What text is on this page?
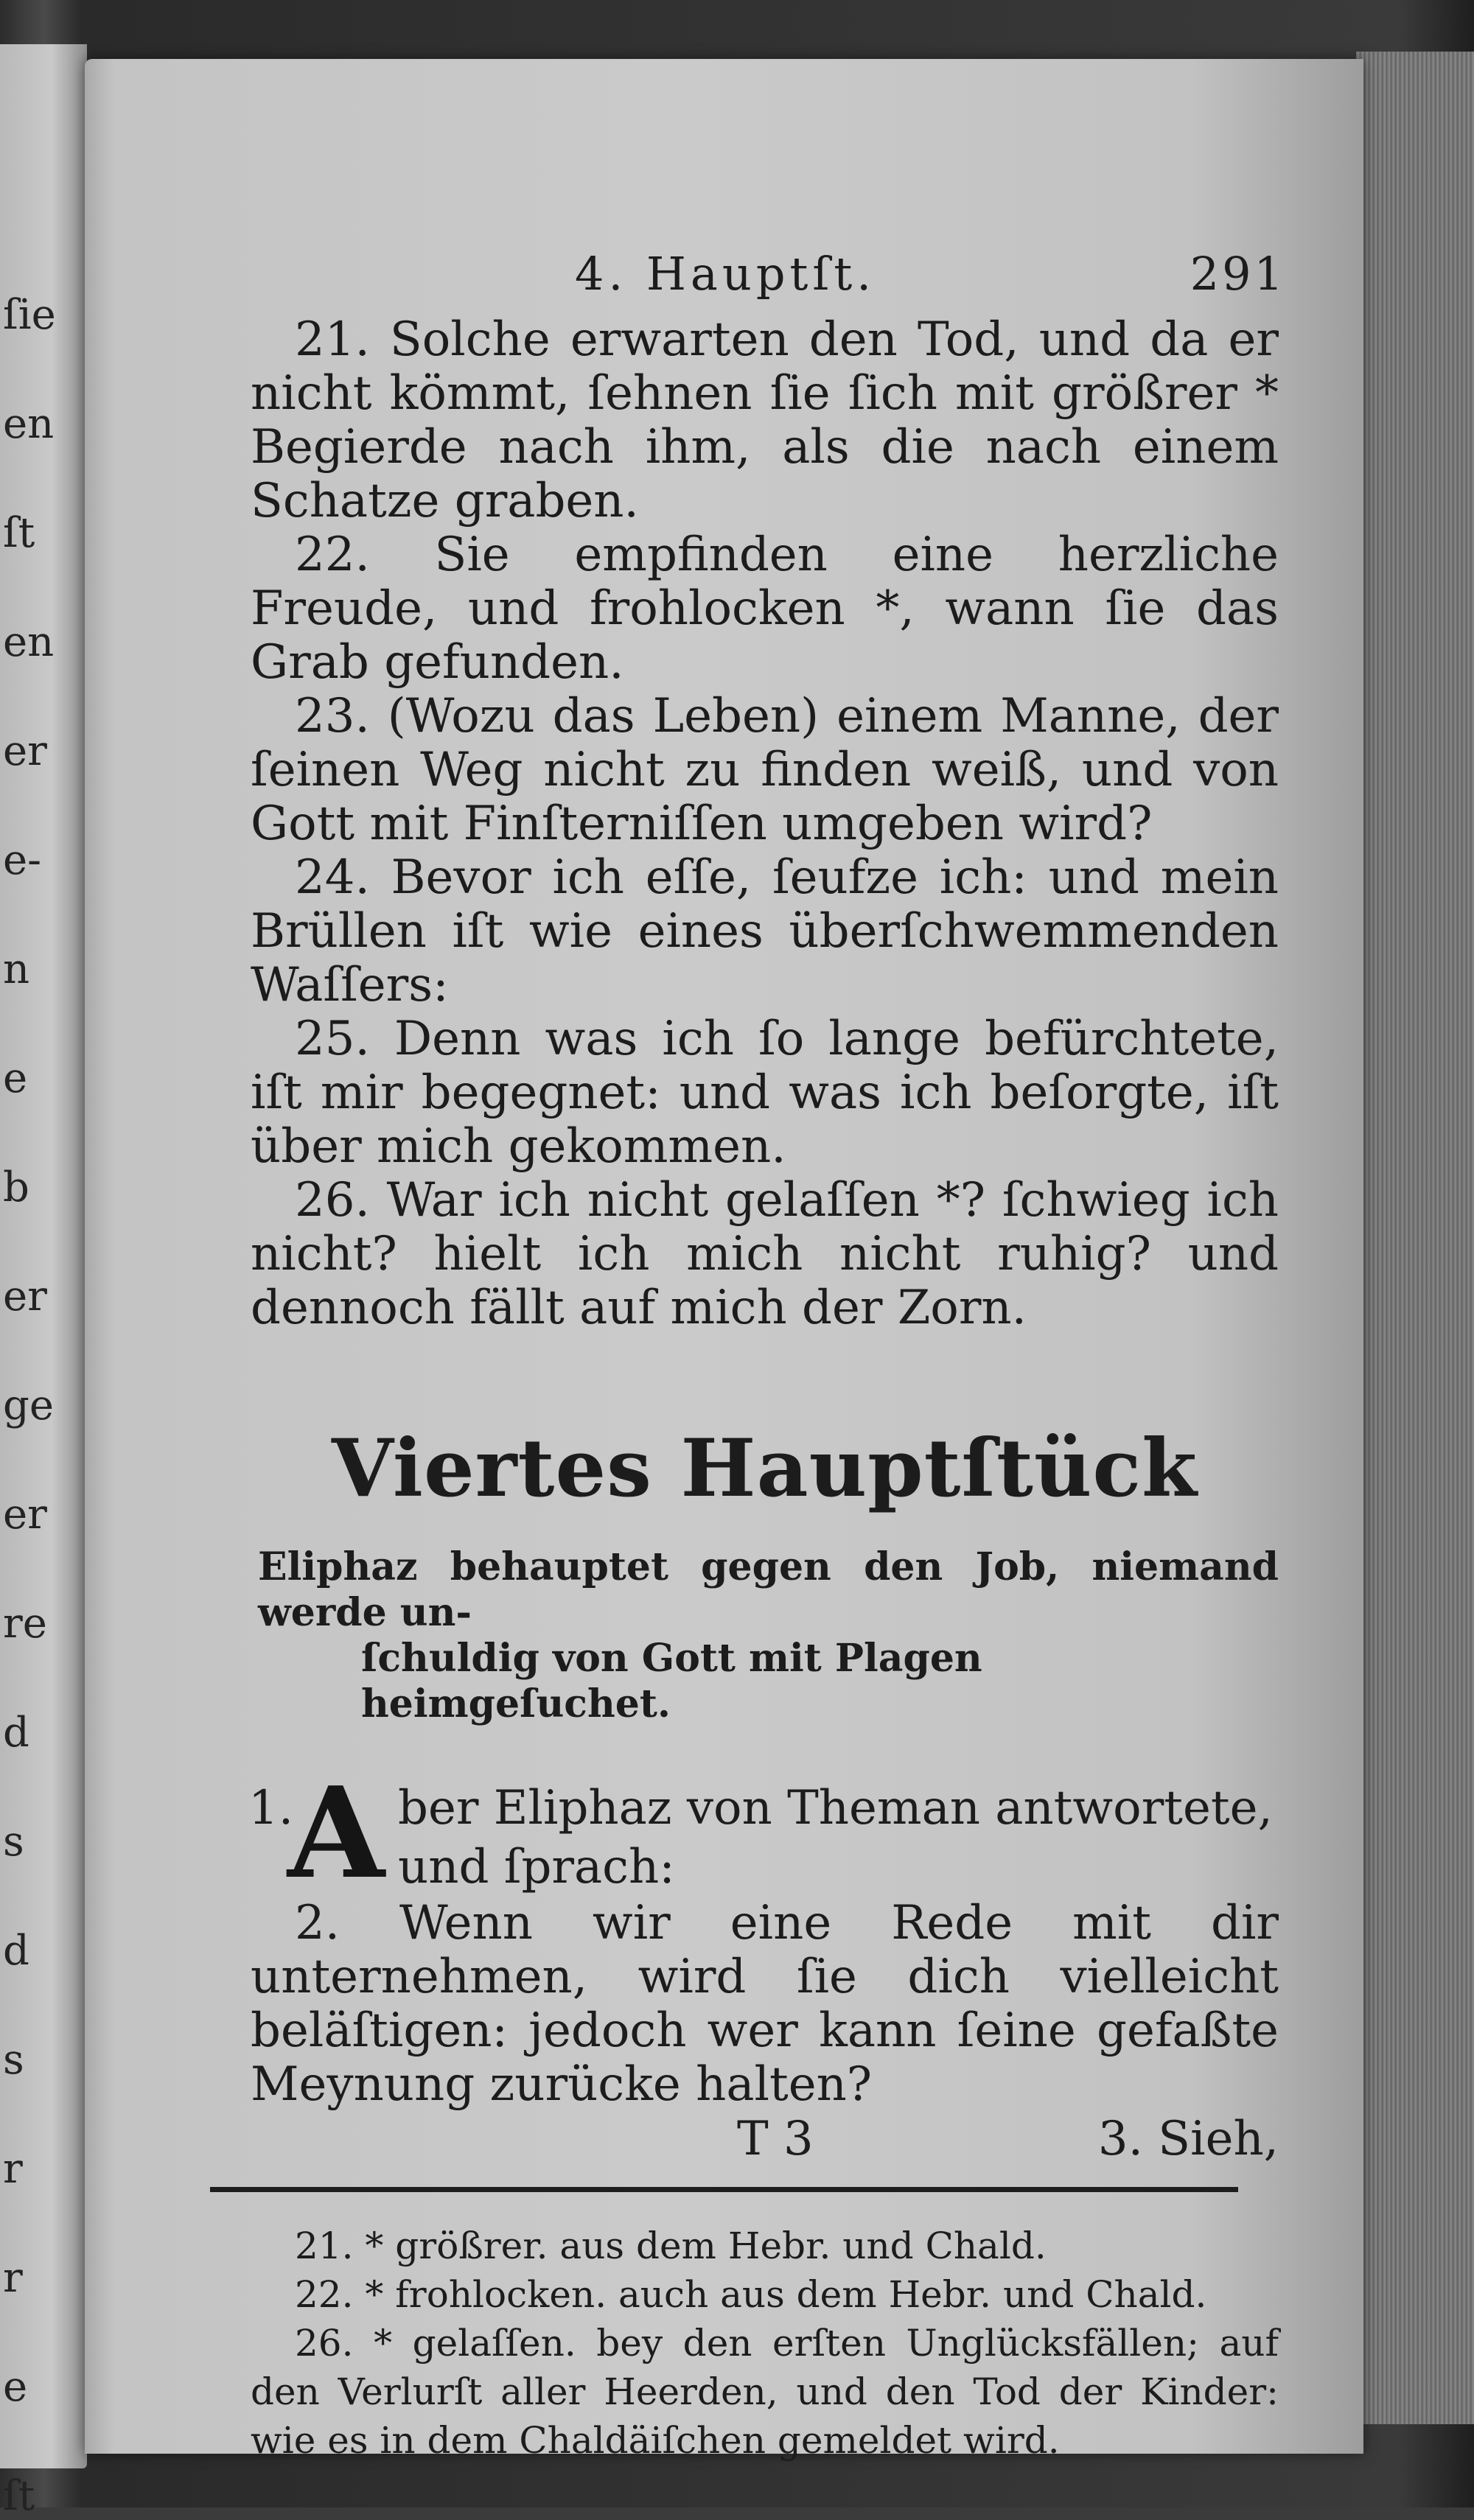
ſie
en
ſt
en
er
e-
n
e
b
er
ge
er
re
d
s
d
s
r
r
e
ſt
4. Hauptſt.	291

21. Solche erwarten den Tod, und da er nicht kömmt, ſehnen ſie ſich mit größrer * Begierde nach ihm, als die nach einem Schatze graben.

22. Sie empfinden eine herzliche Freude, und frohlocken *, wann ſie das Grab gefunden.

23. (Wozu das Leben) einem Manne, der ſeinen Weg nicht zu finden weiß, und von Gott mit Finſterniſſen umgeben wird?

24. Bevor ich eſſe, ſeufze ich: und mein Brüllen iſt wie eines überſchwemmenden Waſſers:

25. Denn was ich ſo lange befürchtete, iſt mir begegnet: und was ich beſorgte, iſt über mich gekommen.

26. War ich nicht gelaſſen *? ſchwieg ich nicht? hielt ich mich nicht ruhig? und dennoch fällt auf mich der Zorn.

Viertes Hauptſtück

Eliphaz behauptet gegen den Job, niemand werde un-
ſchuldig von Gott mit Plagen heimgeſuchet.

1.
A ber Eliphaz von Theman antwortete, und ſprach:

2. Wenn wir eine Rede mit dir unternehmen, wird ſie dich vielleicht beläſtigen: jedoch wer kann ſeine gefaßte Meynung zurücke halten?

T 3	3. Sieh,

21. * größrer. aus dem Hebr. und Chald.

22. * frohlocken. auch aus dem Hebr. und Chald.

26. * gelaſſen. bey den erſten Unglücksfällen; auf den Verlurſt aller Heerden, und den Tod der Kinder: wie es in dem Chaldäiſchen gemeldet wird.
